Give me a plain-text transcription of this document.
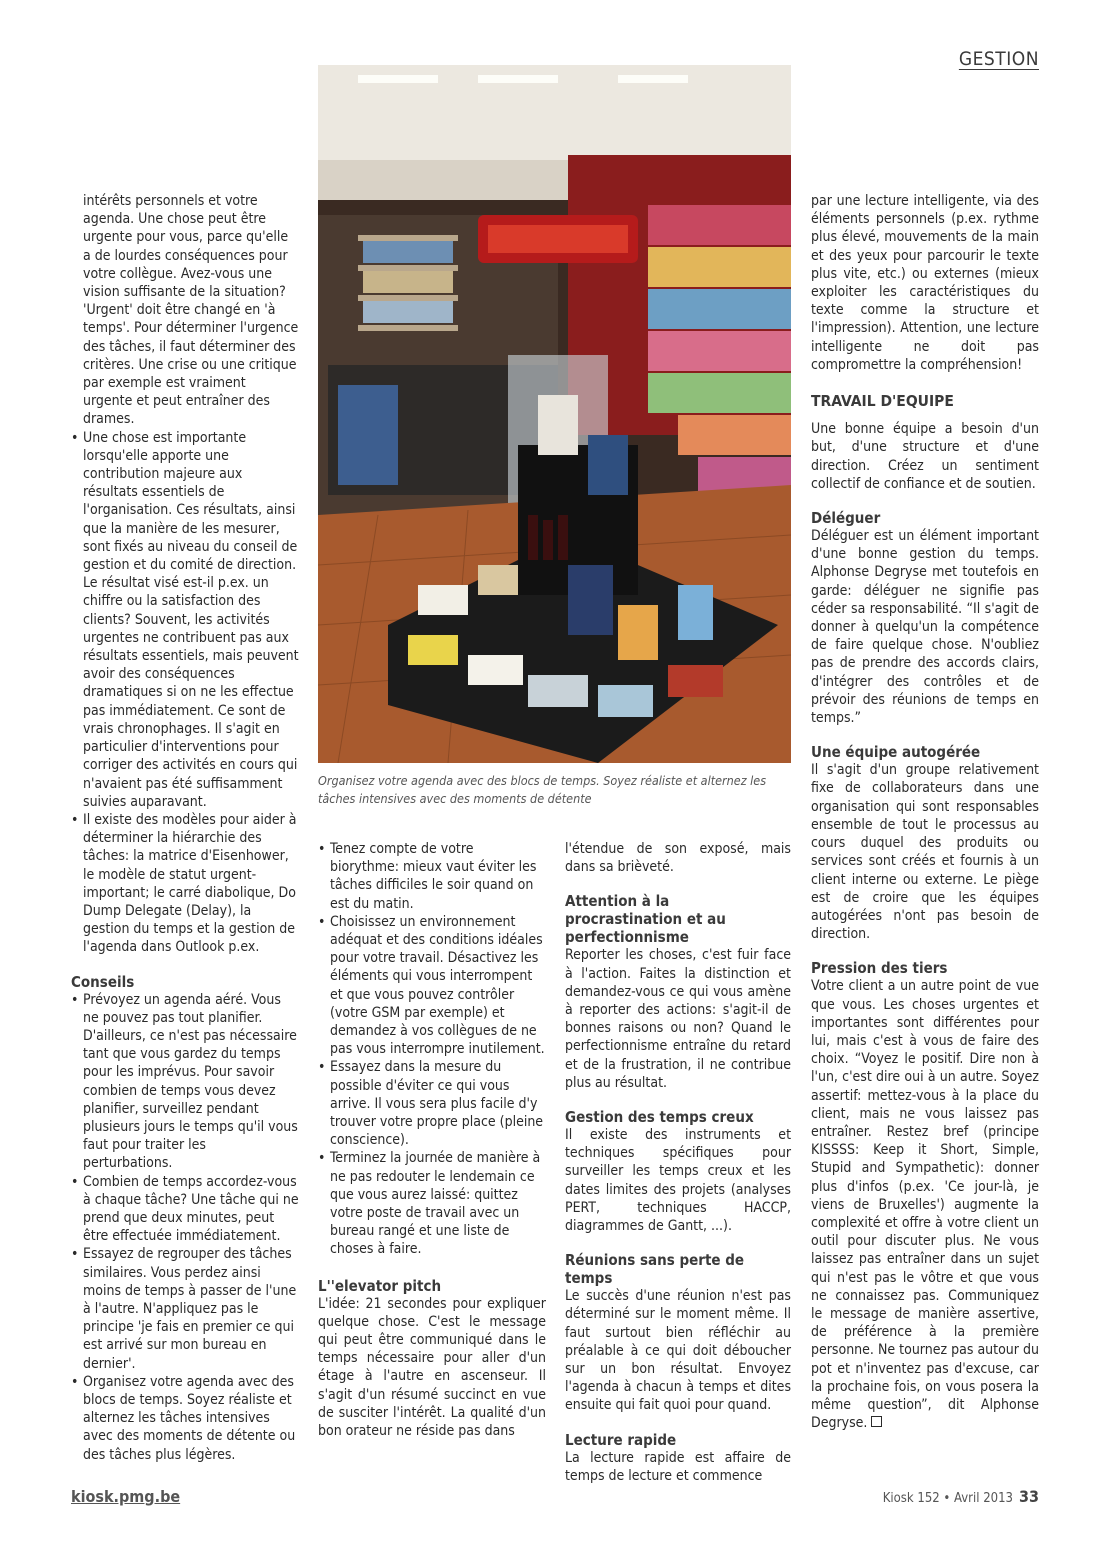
GESTION
Organisez votre agenda avec des blocs de temps. Soyez réaliste et alternez les tâches intensives avec des moments de détente

intérêts personnels et votre agenda. Une chose peut être urgente pour vous, parce qu'elle a de lourdes conséquences pour votre collègue. Avez-vous une vision suffisante de la situation? 'Urgent' doit être changé en 'à temps'. Pour déterminer l'urgence des tâches, il faut déterminer des critères. Une crise ou une critique par exemple est vraiment urgente et peut entraîner des drames.

• Une chose est importante lorsqu'elle apporte une contribution majeure aux résultats essentiels de l'organisation. Ces résultats, ainsi que la manière de les mesurer, sont fixés au niveau du conseil de gestion et du comité de direction. Le résultat visé est-il p.ex. un chiffre ou la satisfaction des clients? Souvent, les activités urgentes ne contribuent pas aux résultats essentiels, mais peuvent avoir des conséquences dramatiques si on ne les effectue pas immédiatement. Ce sont de vrais chronophages. Il s'agit en particulier d'interventions pour corriger des activités en cours qui n'avaient pas été suffisamment suivies auparavant.
• Il existe des modèles pour aider à déterminer la hiérarchie des tâches: la matrice d'Eisenhower, le modèle de statut urgent-important; le carré diabolique, Do Dump Delegate (Delay), la gestion du temps et la gestion de l'agenda dans Outlook p.ex.
Conseils
• Prévoyez un agenda aéré. Vous ne pouvez pas tout planifier. D'ailleurs, ce n'est pas nécessaire tant que vous gardez du temps pour les imprévus. Pour savoir combien de temps vous devez planifier, surveillez pendant plusieurs jours le temps qu'il vous faut pour traiter les perturbations.
• Combien de temps accordez-vous à chaque tâche? Une tâche qui ne prend que deux minutes, peut être effectuée immédiatement.
• Essayez de regrouper des tâches similaires. Vous perdez ainsi moins de temps à passer de l'une à l'autre. N'appliquez pas le principe 'je fais en premier ce qui est arrivé sur mon bureau en dernier'.
• Organisez votre agenda avec des blocs de temps. Soyez réaliste et alternez les tâches intensives avec des moments de détente ou des tâches plus légères.
• Tenez compte de votre biorythme: mieux vaut éviter les tâches difficiles le soir quand on est du matin.
• Choisissez un environnement adéquat et des conditions idéales pour votre travail. Désactivez les éléments qui vous interrompent et que vous pouvez contrôler (votre GSM par exemple) et demandez à vos collègues de ne pas vous interrompre inutilement.
• Essayez dans la mesure du possible d'éviter ce qui vous arrive. Il vous sera plus facile d'y trouver votre propre place (pleine conscience).
• Terminez la journée de manière à ne pas redouter le lendemain ce que vous aurez laissé: quittez votre poste de travail avec un bureau rangé et une liste de choses à faire.
L''elevator pitch

L'idée: 21 secondes pour expliquer quelque chose. C'est le message qui peut être communiqué dans le temps nécessaire pour aller d'un étage à l'autre en ascenseur. Il s'agit d'un résumé succinct en vue de susciter l'intérêt. La qualité d'un bon orateur ne réside pas dans

l'étendue de son exposé, mais dans sa brièveté.

Attention à la procrastination et au perfectionnisme

Reporter les choses, c'est fuir face à l'action. Faites la distinction et demandez-vous ce qui vous amène à reporter des actions: s'agit-il de bonnes raisons ou non? Quand le perfectionnisme entraîne du retard et de la frustration, il ne contribue plus au résultat.

Gestion des temps creux

Il existe des instruments et techniques spécifiques pour surveiller les temps creux et les dates limites des projets (analyses PERT, techniques HACCP, diagrammes de Gantt, ...).

Réunions sans perte de temps

Le succès d'une réunion n'est pas déterminé sur le moment même. Il faut surtout bien réfléchir au préalable à ce qui doit déboucher sur un bon résultat. Envoyez l'agenda à chacun à temps et dites ensuite qui fait quoi pour quand.

Lecture rapide

La lecture rapide est affaire de temps de lecture et commence

par une lecture intelligente, via des éléments personnels (p.ex. rythme plus élevé, mouvements de la main et des yeux pour parcourir le texte plus vite, etc.) ou externes (mieux exploiter les caractéristiques du texte comme la structure et l'impression). Attention, une lecture intelligente ne doit pas compromettre la compréhension!

TRAVAIL D'EQUIPE

Une bonne équipe a besoin d'un but, d'une structure et d'une direction. Créez un sentiment collectif de confiance et de soutien.

Déléguer

Déléguer est un élément important d'une bonne gestion du temps. Alphonse Degryse met toutefois en garde: déléguer ne signifie pas céder sa responsabilité. “Il s'agit de donner à quelqu'un la compétence de faire quelque chose. N'oubliez pas de prendre des accords clairs, d'intégrer des contrôles et de prévoir des réunions de temps en temps.”

Une équipe autogérée

Il s'agit d'un groupe relativement fixe de collaborateurs dans une organisation qui sont responsables ensemble de tout le processus au cours duquel des produits ou services sont créés et fournis à un client interne ou externe. Le piège est de croire que les équipes autogérées n'ont pas besoin de direction.

Pression des tiers

Votre client a un autre point de vue que vous. Les choses urgentes et importantes sont différentes pour lui, mais c'est à vous de faire des choix. “Voyez le positif. Dire non à l'un, c'est dire oui à un autre. Soyez assertif: mettez-vous à la place du client, mais ne vous laissez pas entraîner. Restez bref (principe KISSSS: Keep it Short, Simple, Stupid and Sympathetic): donner plus d'infos (p.ex. 'Ce jour-là, je viens de Bruxelles') augmente la complexité et offre à votre client un outil pour discuter plus. Ne vous laissez pas entraîner dans un sujet qui n'est pas le vôtre et que vous ne connaissez pas. Communiquez le message de manière assertive, de préférence à la première personne. Ne tournez pas autour du pot et n'inventez pas d'excuse, car la prochaine fois, on vous posera la même question”, dit Alphonse Degryse.

kiosk.pmg.be	Kiosk 152 • Avril 2013 33
